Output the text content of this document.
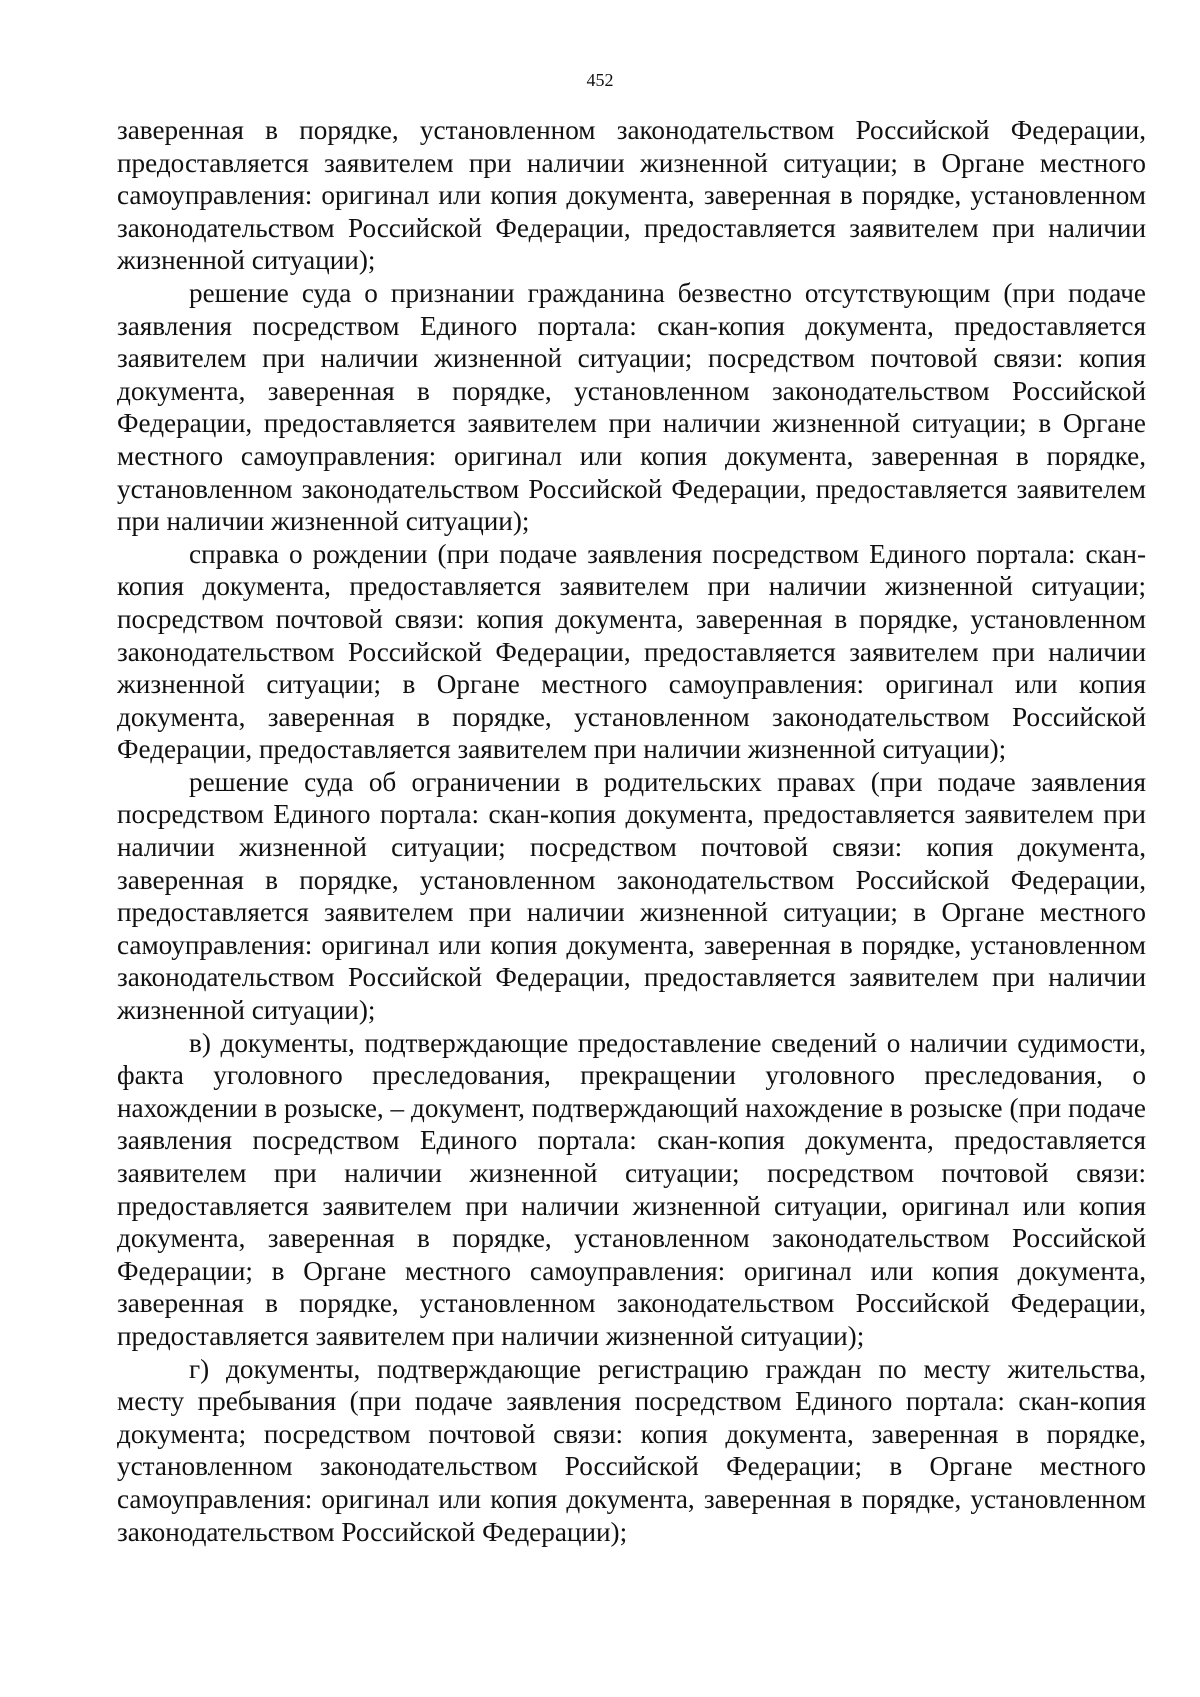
452

заверенная в порядке, установленном законодательством Российской Федерации, предоставляется заявителем при наличии жизненной ситуации; в Органе местного самоуправления: оригинал или копия документа, заверенная в порядке, установленном законодательством Российской Федерации, предоставляется заявителем при наличии жизненной ситуации);

решение суда о признании гражданина безвестно отсутствующим (при подаче заявления посредством Единого портала: скан-копия документа, предоставляется заявителем при наличии жизненной ситуации; посредством почтовой связи: копия документа, заверенная в порядке, установленном законодательством Российской Федерации, предоставляется заявителем при наличии жизненной ситуации; в Органе местного самоуправления: оригинал или копия документа, заверенная в порядке, установленном законодательством Российской Федерации, предоставляется заявителем при наличии жизненной ситуации);

справка о рождении (при подаче заявления посредством Единого портала: скан-копия документа, предоставляется заявителем при наличии жизненной ситуации; посредством почтовой связи: копия документа, заверенная в порядке, установленном законодательством Российской Федерации, предоставляется заявителем при наличии жизненной ситуации; в Органе местного самоуправления: оригинал или копия документа, заверенная в порядке, установленном законодательством Российской Федерации, предоставляется заявителем при наличии жизненной ситуации);

решение суда об ограничении в родительских правах (при подаче заявления посредством Единого портала: скан-копия документа, предоставляется заявителем при наличии жизненной ситуации; посредством почтовой связи: копия документа, заверенная в порядке, установленном законодательством Российской Федерации, предоставляется заявителем при наличии жизненной ситуации; в Органе местного самоуправления: оригинал или копия документа, заверенная в порядке, установленном законодательством Российской Федерации, предоставляется заявителем при наличии жизненной ситуации);

в) документы, подтверждающие предоставление сведений о наличии судимости, факта уголовного преследования, прекращении уголовного преследования, о нахождении в розыске, – документ, подтверждающий нахождение в розыске (при подаче заявления посредством Единого портала: скан-копия документа, предоставляется заявителем при наличии жизненной ситуации; посредством почтовой связи: предоставляется заявителем при наличии жизненной ситуации, оригинал или копия документа, заверенная в порядке, установленном законодательством Российской Федерации; в Органе местного самоуправления: оригинал или копия документа, заверенная в порядке, установленном законодательством Российской Федерации, предоставляется заявителем при наличии жизненной ситуации);

г) документы, подтверждающие регистрацию граждан по месту жительства, месту пребывания (при подаче заявления посредством Единого портала: скан-копия документа; посредством почтовой связи: копия документа, заверенная в порядке, установленном законодательством Российской Федерации; в Органе местного самоуправления: оригинал или копия документа, заверенная в порядке, установленном законодательством Российской Федерации);
